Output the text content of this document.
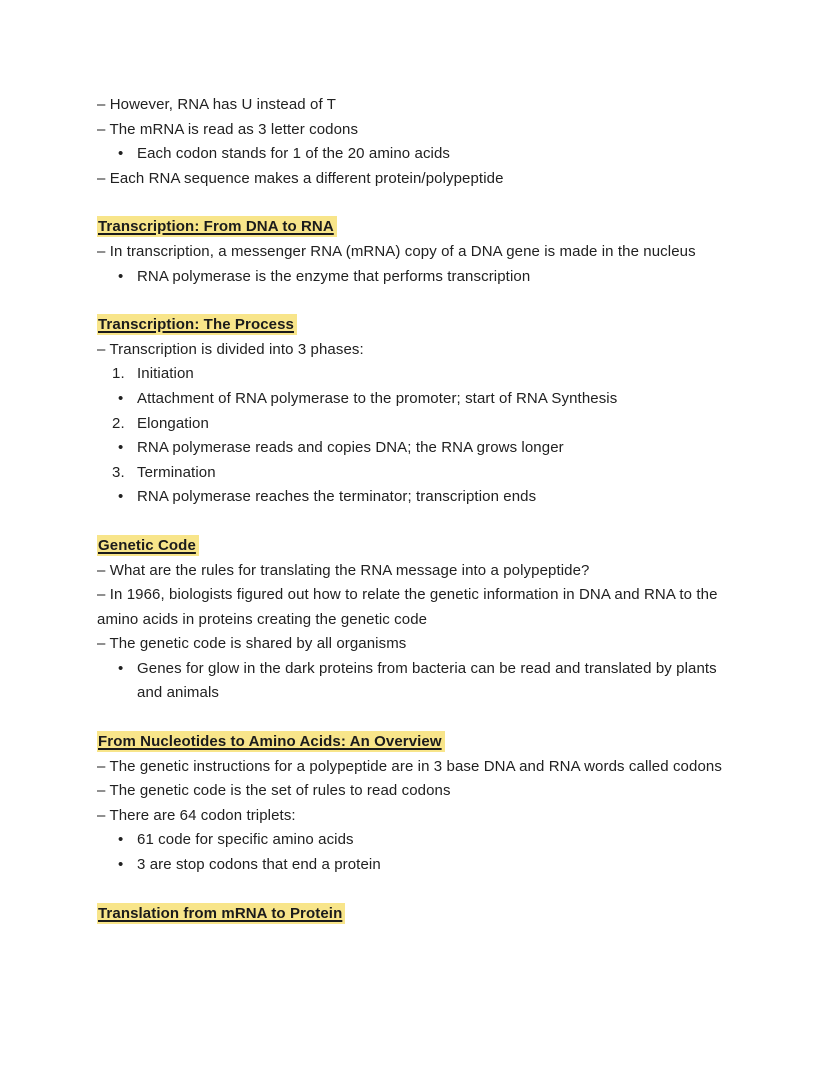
– However, RNA has U instead of T
– The mRNA is read as 3 letter codons
• Each codon stands for 1 of the 20 amino acids
– Each RNA sequence makes a different protein/polypeptide
Transcription: From DNA to RNA
– In transcription, a messenger RNA (mRNA) copy of a DNA gene is made in the nucleus
• RNA polymerase is the enzyme that performs transcription
Transcription: The Process
– Transcription is divided into 3 phases:
1. Initiation
• Attachment of RNA polymerase to the promoter; start of RNA Synthesis
2. Elongation
• RNA polymerase reads and copies DNA; the RNA grows longer
3. Termination
• RNA polymerase reaches the terminator; transcription ends
Genetic Code
– What are the rules for translating the RNA message into a polypeptide?
– In 1966, biologists figured out how to relate the genetic information in DNA and RNA to the amino acids in proteins creating the genetic code
– The genetic code is shared by all organisms
• Genes for glow in the dark proteins from bacteria can be read and translated by plants and animals
From Nucleotides to Amino Acids: An Overview
– The genetic instructions for a polypeptide are in 3 base DNA and RNA words called codons
– The genetic code is the set of rules to read codons
– There are 64 codon triplets:
• 61 code for specific amino acids
• 3 are stop codons that end a protein
Translation from mRNA to Protein
